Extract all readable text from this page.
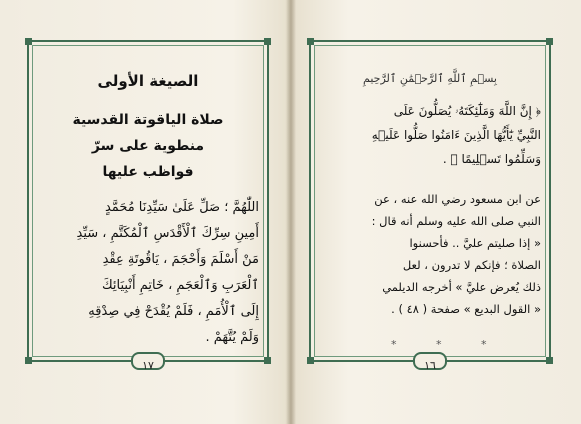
الصيغة الأولى
صلاة الياقوتة القدسية
منطوية على سرّ
فواظب عليها
اللّٰهُمَّ ؛ صَلِّ عَلَىٰ سَيِّدِنَا مُحَمَّدٍ
أَمِينِ سِرِّكَ ٱلْأَقْدَسِ ٱلْمُكَتَّمِ ، سَيِّدِ
مَنْ أَسْلَمَ وَأَحْجَمَ ، يَاقُوتَةِ عِقْدِ
ٱلْعَرَبِ وَٱلْعَجَمِ ، خَاتِمِ أَنْبِيَائِكَ
إِلَى ٱلْأُمَمِ ، فَلَمْ يُقْدَحْ فِي صِدْقِهِ
وَلَمْ يُتَّهَمْ .
١٧
بِسۡمِ ٱللَّهِ ٱلرَّحۡمَٰنِ ٱلرَّحِيمِ
﴿ إِنَّ اللَّهَ وَمَلَٰٓئِكَتَهُۥ يُصَلُّونَ عَلَى
النَّبِيِّ يَٰٓأَيُّهَا الَّذِينَ ءَامَنُوا صَلُّوا عَلَيۡهِ
وَسَلِّمُوا تَسۡلِيمًا ﴾ .
عن ابن مسعود رضي الله عنه ، عن
النبي صلى الله عليه وسلم أنه قال :
« إذا صليتم عليَّ .. فأحسنوا
الصلاة ؛ فإنكم لا تدرون ، لعل
ذلك يُعرض عليَّ » أخرجه الديلمي
« القول البديع » صفحة ( ٤٨ ) .
* * *
١٦
